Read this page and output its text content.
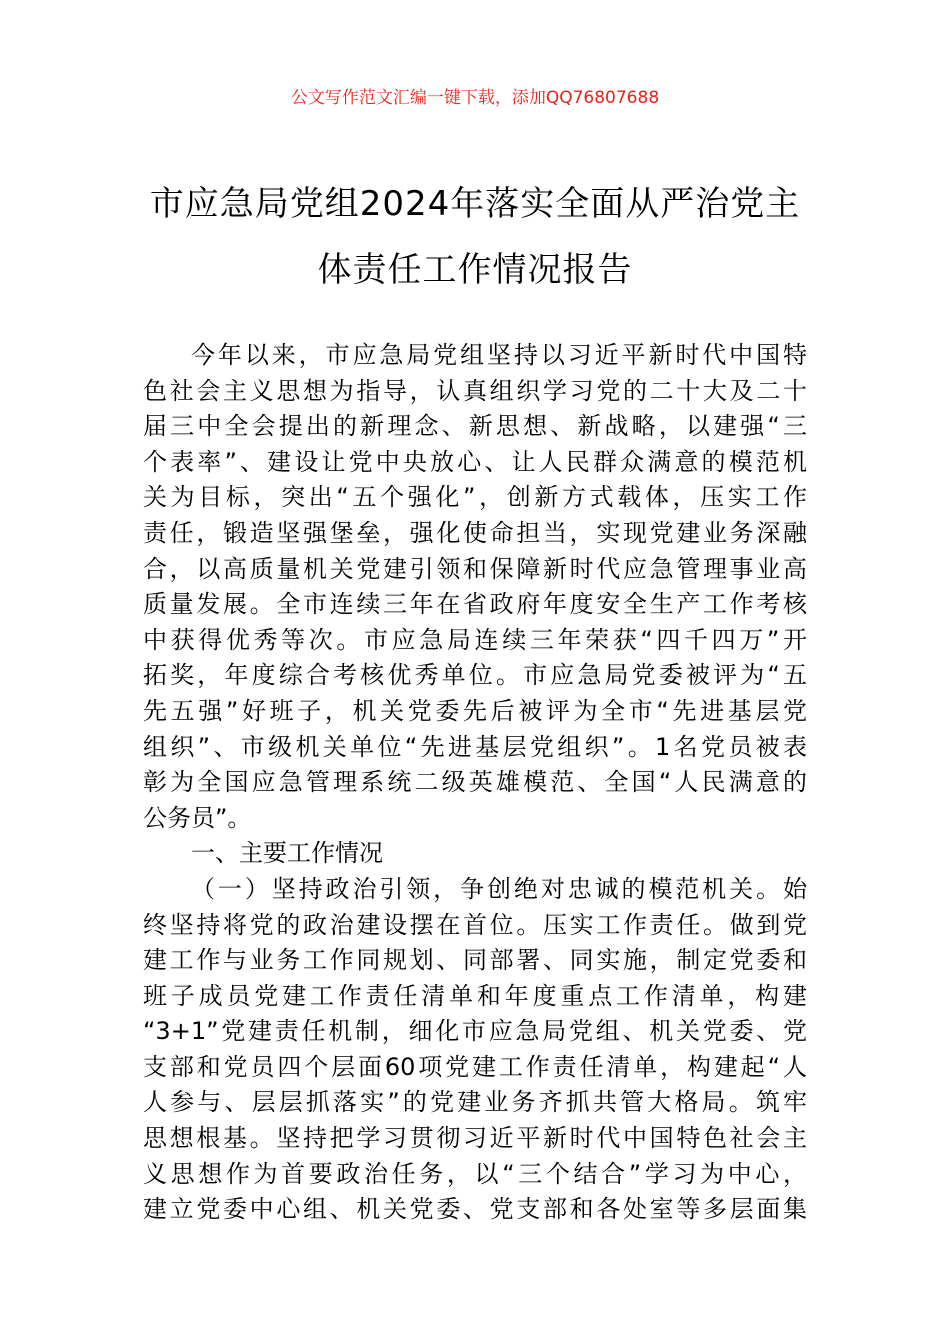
公文写作范文汇编一键下载，添加QQ76807688
市应急局党组2024年落实全面从严治党主
体责任工作情况报告
今年以来，市应急局党组坚持以习近平新时代中国特
色社会主义思想为指导，认真组织学习党的二十大及二十
届三中全会提出的新理念、新思想、新战略，以建强“三
个表率”、建设让党中央放心、让人民群众满意的模范机
关为目标，突出“五个强化”，创新方式载体，压实工作
责任，锻造坚强堡垒，强化使命担当，实现党建业务深融
合，以高质量机关党建引领和保障新时代应急管理事业高
质量发展。全市连续三年在省政府年度安全生产工作考核
中获得优秀等次。市应急局连续三年荣获“四千四万”开
拓奖，年度综合考核优秀单位。市应急局党委被评为“五
先五强”好班子，机关党委先后被评为全市“先进基层党
组织”、市级机关单位“先进基层党组织”。1名党员被表
彰为全国应急管理系统二级英雄模范、全国“人民满意的
公务员”。
一、主要工作情况
（一）坚持政治引领，争创绝对忠诚的模范机关。始
终坚持将党的政治建设摆在首位。压实工作责任。做到党
建工作与业务工作同规划、同部署、同实施，制定党委和
班子成员党建工作责任清单和年度重点工作清单，构建
“3+1”党建责任机制，细化市应急局党组、机关党委、党
支部和党员四个层面60项党建工作责任清单，构建起“人
人参与、层层抓落实”的党建业务齐抓共管大格局。筑牢
思想根基。坚持把学习贯彻习近平新时代中国特色社会主
义思想作为首要政治任务，以“三个结合”学习为中心，
建立党委中心组、机关党委、党支部和各处室等多层面集
